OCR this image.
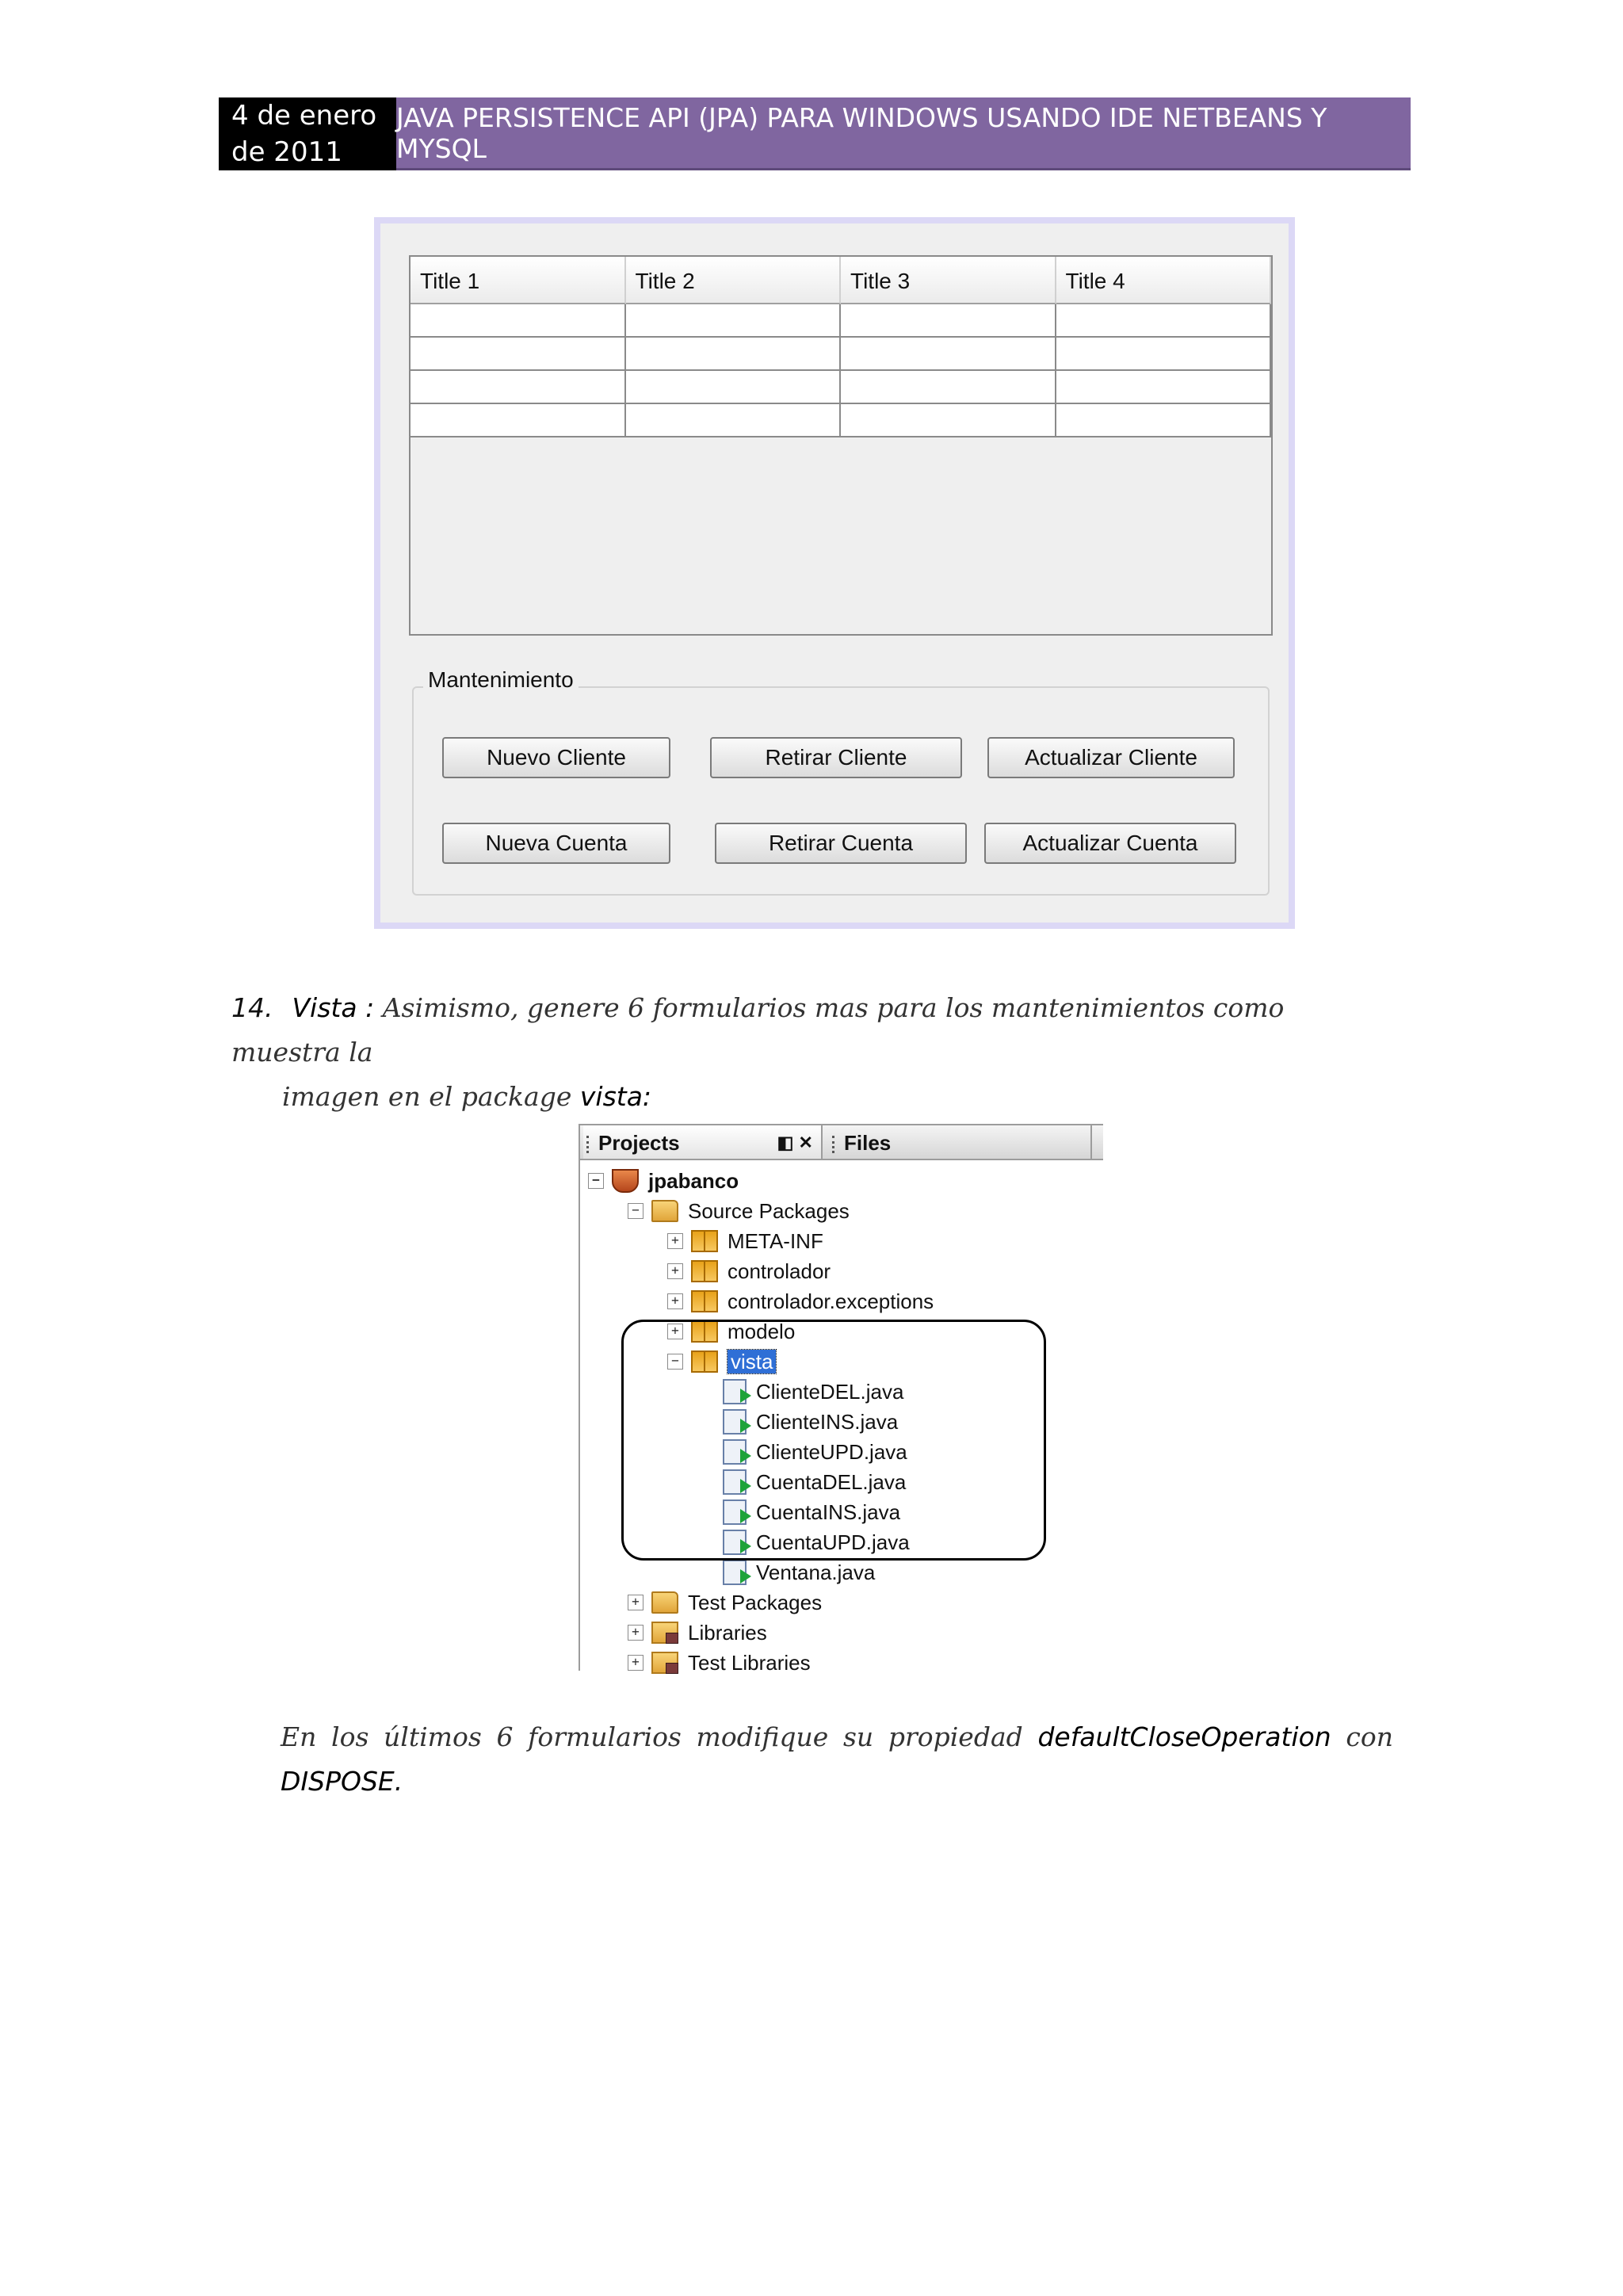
4 de enero
de 2011
JAVA PERSISTENCE API (JPA) PARA WINDOWS USANDO IDE NETBEANS Y MYSQL
Title 1	Title 2	Title 3	Title 4
Mantenimiento
Nuevo Cliente	Retirar Cliente	Actualizar Cliente
Nueva Cuenta	Retirar Cuenta	Actualizar Cuenta
14. Vista : Asimismo, genere 6 formularios mas para los mantenimientos como muestra la
imagen en el package vista:
Projects	◧ ✕	Files
− jpabanco
− Source Packages
+ META-INF
+ controlador
+ controlador.exceptions
+ modelo
−	vista
ClienteDEL.java
ClienteINS.java
ClienteUPD.java
CuentaDEL.java
CuentaINS.java
CuentaUPD.java
Ventana.java
+ Test Packages
+ Libraries
+ Test Libraries
En los últimos 6 formularios modifique su propiedad defaultCloseOperation con
DISPOSE.
